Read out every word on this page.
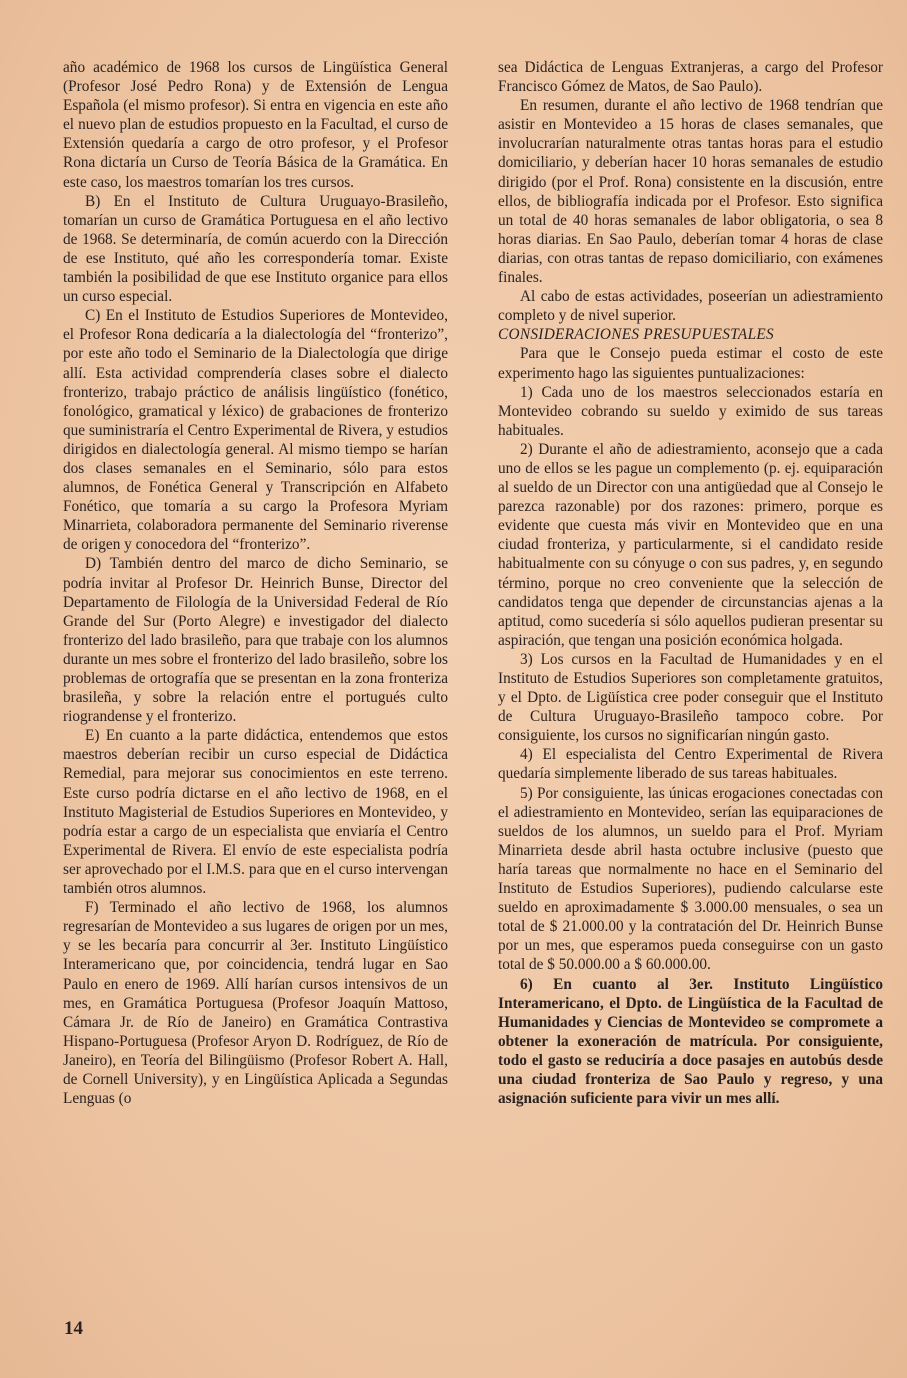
año académico de 1968 los cursos de Lingüística General (Profesor José Pedro Rona) y de Extensión de Lengua Española (el mismo profesor). Si entra en vigencia en este año el nuevo plan de estudios propuesto en la Facultad, el curso de Extensión quedaría a cargo de otro profesor, y el Profesor Rona dictaría un Curso de Teoría Básica de la Gramática. En este caso, los maestros tomarían los tres cursos.

B) En el Instituto de Cultura Uruguayo-Brasileño, tomarían un curso de Gramática Portuguesa en el año lectivo de 1968. Se determinaría, de común acuerdo con la Dirección de ese Instituto, qué año les correspondería tomar. Existe también la posibilidad de que ese Instituto organice para ellos un curso especial.

C) En el Instituto de Estudios Superiores de Montevideo, el Profesor Rona dedicaría a la dialectología del “fronterizo”, por este año todo el Seminario de la Dialectología que dirige allí. Esta actividad comprendería clases sobre el dialecto fronterizo, trabajo práctico de análisis lingüístico (fonético, fonológico, gramatical y léxico) de grabaciones de fronterizo que suministraría el Centro Experimental de Rivera, y estudios dirigidos en dialectología general. Al mismo tiempo se harían dos clases semanales en el Seminario, sólo para estos alumnos, de Fonética General y Transcripción en Alfabeto Fonético, que tomaría a su cargo la Profesora Myriam Minarrieta, colaboradora permanente del Seminario riverense de origen y conocedora del “fronterizo”.

D) También dentro del marco de dicho Seminario, se podría invitar al Profesor Dr. Heinrich Bunse, Director del Departamento de Filología de la Universidad Federal de Río Grande del Sur (Porto Alegre) e investigador del dialecto fronterizo del lado brasileño, para que trabaje con los alumnos durante un mes sobre el fronterizo del lado brasileño, sobre los problemas de ortografía que se presentan en la zona fronteriza brasileña, y sobre la relación entre el portugués culto riograndense y el fronterizo.

E) En cuanto a la parte didáctica, entendemos que estos maestros deberían recibir un curso especial de Didáctica Remedial, para mejorar sus conocimientos en este terreno. Este curso podría dictarse en el año lectivo de 1968, en el Instituto Magisterial de Estudios Superiores en Montevideo, y podría estar a cargo de un especialista que enviaría el Centro Experimental de Rivera. El envío de este especialista podría ser aprovechado por el I.M.S. para que en el curso intervengan también otros alumnos.

F) Terminado el año lectivo de 1968, los alumnos regresarían de Montevideo a sus lugares de origen por un mes, y se les becaría para concurrir al 3er. Instituto Lingüístico Interamericano que, por coincidencia, tendrá lugar en Sao Paulo en enero de 1969. Allí harían cursos intensivos de un mes, en Gramática Portuguesa (Profesor Joaquín Mattoso, Cámara Jr. de Río de Janeiro) en Gramática Contrastiva Hispano-Portuguesa (Profesor Aryon D. Rodríguez, de Río de Janeiro), en Teoría del Bilingüismo (Profesor Robert A. Hall, de Cornell University), y en Lingüística Aplicada a Segundas Lenguas (o

sea Didáctica de Lenguas Extranjeras, a cargo del Profesor Francisco Gómez de Matos, de Sao Paulo).

En resumen, durante el año lectivo de 1968 tendrían que asistir en Montevideo a 15 horas de clases semanales, que involucrarían naturalmente otras tantas horas para el estudio domiciliario, y deberían hacer 10 horas semanales de estudio dirigido (por el Prof. Rona) consistente en la discusión, entre ellos, de bibliografía indicada por el Profesor. Esto significa un total de 40 horas semanales de labor obligatoria, o sea 8 horas diarias. En Sao Paulo, deberían tomar 4 horas de clase diarias, con otras tantas de repaso domiciliario, con exámenes finales.

Al cabo de estas actividades, poseerían un adiestramiento completo y de nivel superior.

CONSIDERACIONES PRESUPUESTALES

Para que le Consejo pueda estimar el costo de este experimento hago las siguientes puntualizaciones:

1) Cada uno de los maestros seleccionados estaría en Montevideo cobrando su sueldo y eximido de sus tareas habituales.

2) Durante el año de adiestramiento, aconsejo que a cada uno de ellos se les pague un complemento (p. ej. equiparación al sueldo de un Director con una antigüedad que al Consejo le parezca razonable) por dos razones: primero, porque es evidente que cuesta más vivir en Montevideo que en una ciudad fronteriza, y particularmente, si el candidato reside habitualmente con su cónyuge o con sus padres, y, en segundo término, porque no creo conveniente que la selección de candidatos tenga que depender de circunstancias ajenas a la aptitud, como sucedería si sólo aquellos pudieran presentar su aspiración, que tengan una posición económica holgada.

3) Los cursos en la Facultad de Humanidades y en el Instituto de Estudios Superiores son completamente gratuitos, y el Dpto. de Ligüística cree poder conseguir que el Instituto de Cultura Uruguayo-Brasileño tampoco cobre. Por consiguiente, los cursos no significarían ningún gasto.

4) El especialista del Centro Experimental de Rivera quedaría simplemente liberado de sus tareas habituales.

5) Por consiguiente, las únicas erogaciones conectadas con el adiestramiento en Montevideo, serían las equiparaciones de sueldos de los alumnos, un sueldo para el Prof. Myriam Minarrieta desde abril hasta octubre inclusive (puesto que haría tareas que normalmente no hace en el Seminario del Instituto de Estudios Superiores), pudiendo calcularse este sueldo en aproximadamente $ 3.000.00 mensuales, o sea un total de $ 21.000.00 y la contratación del Dr. Heinrich Bunse por un mes, que esperamos pueda conseguirse con un gasto total de $ 50.000.00 a $ 60.000.00.

6) En cuanto al 3er. Instituto Lingüístico Interamericano, el Dpto. de Lingüística de la Facultad de Humanidades y Ciencias de Montevideo se compromete a obtener la exoneración de matrícula. Por consiguiente, todo el gasto se reduciría a doce pasajes en autobús desde una ciudad fronteriza de Sao Paulo y regreso, y una asignación suficiente para vivir un mes allí.

14
